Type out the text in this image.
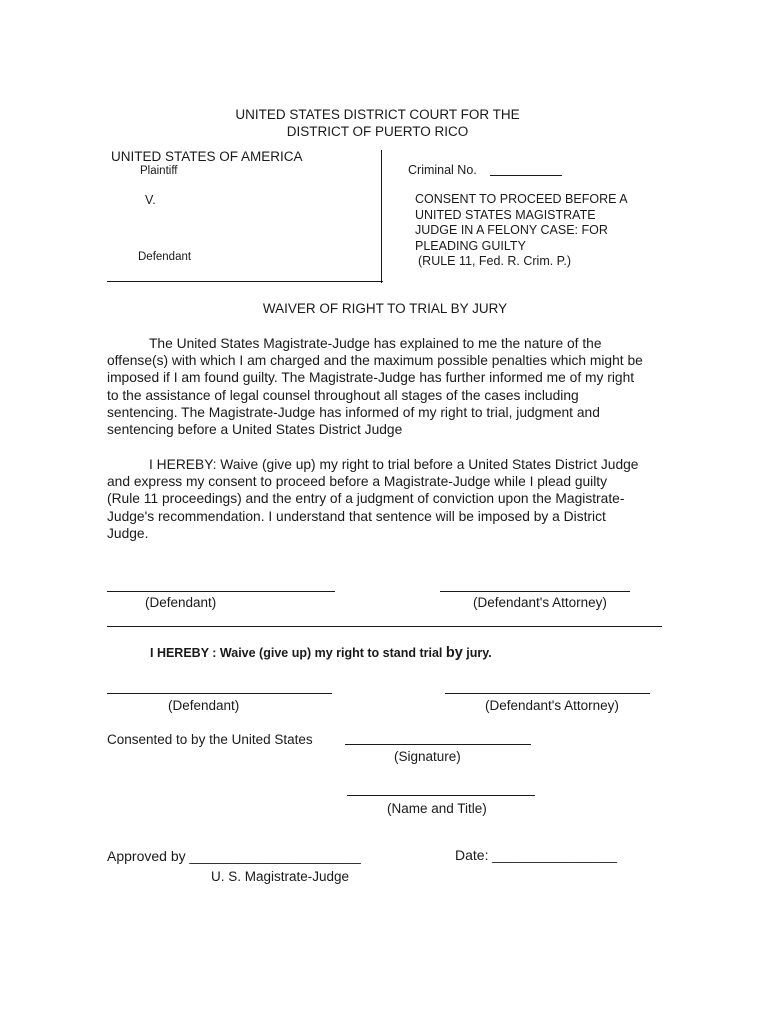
UNITED STATES DISTRICT COURT FOR THE
DISTRICT OF PUERTO RICO
UNITED STATES OF AMERICA
Plaintiff
V.
Defendant
Criminal No.
CONSENT TO PROCEED BEFORE A
UNITED STATES MAGISTRATE
JUDGE IN A FELONY CASE: FOR
PLEADING GUILTY
(RULE 11, Fed. R. Crim. P.)
WAIVER OF RIGHT TO TRIAL BY JURY
The United States Magistrate-Judge has explained to me the nature of the
offense(s) with which I am charged and the maximum possible penalties which might be
imposed if I am found guilty. The Magistrate-Judge has further informed me of my right
to the assistance of legal counsel throughout all stages of the cases including
sentencing. The Magistrate-Judge has informed of my right to trial, judgment and
sentencing before a United States District Judge
I HEREBY: Waive (give up) my right to trial before a United States District Judge
and express my consent to proceed before a Magistrate-Judge while I plead guilty
(Rule 11 proceedings) and the entry of a judgment of conviction upon the Magistrate-
Judge's recommendation. I understand that sentence will be imposed by a District
Judge.
(Defendant)	(Defendant's Attorney)
I HEREBY : Waive (give up) my right to stand trial by jury.
(Defendant)	(Defendant's Attorney)
Consented to by the United States
(Signature)
(Name and Title)
Approved by ______________________	Date: ________________
U. S. Magistrate-Judge
